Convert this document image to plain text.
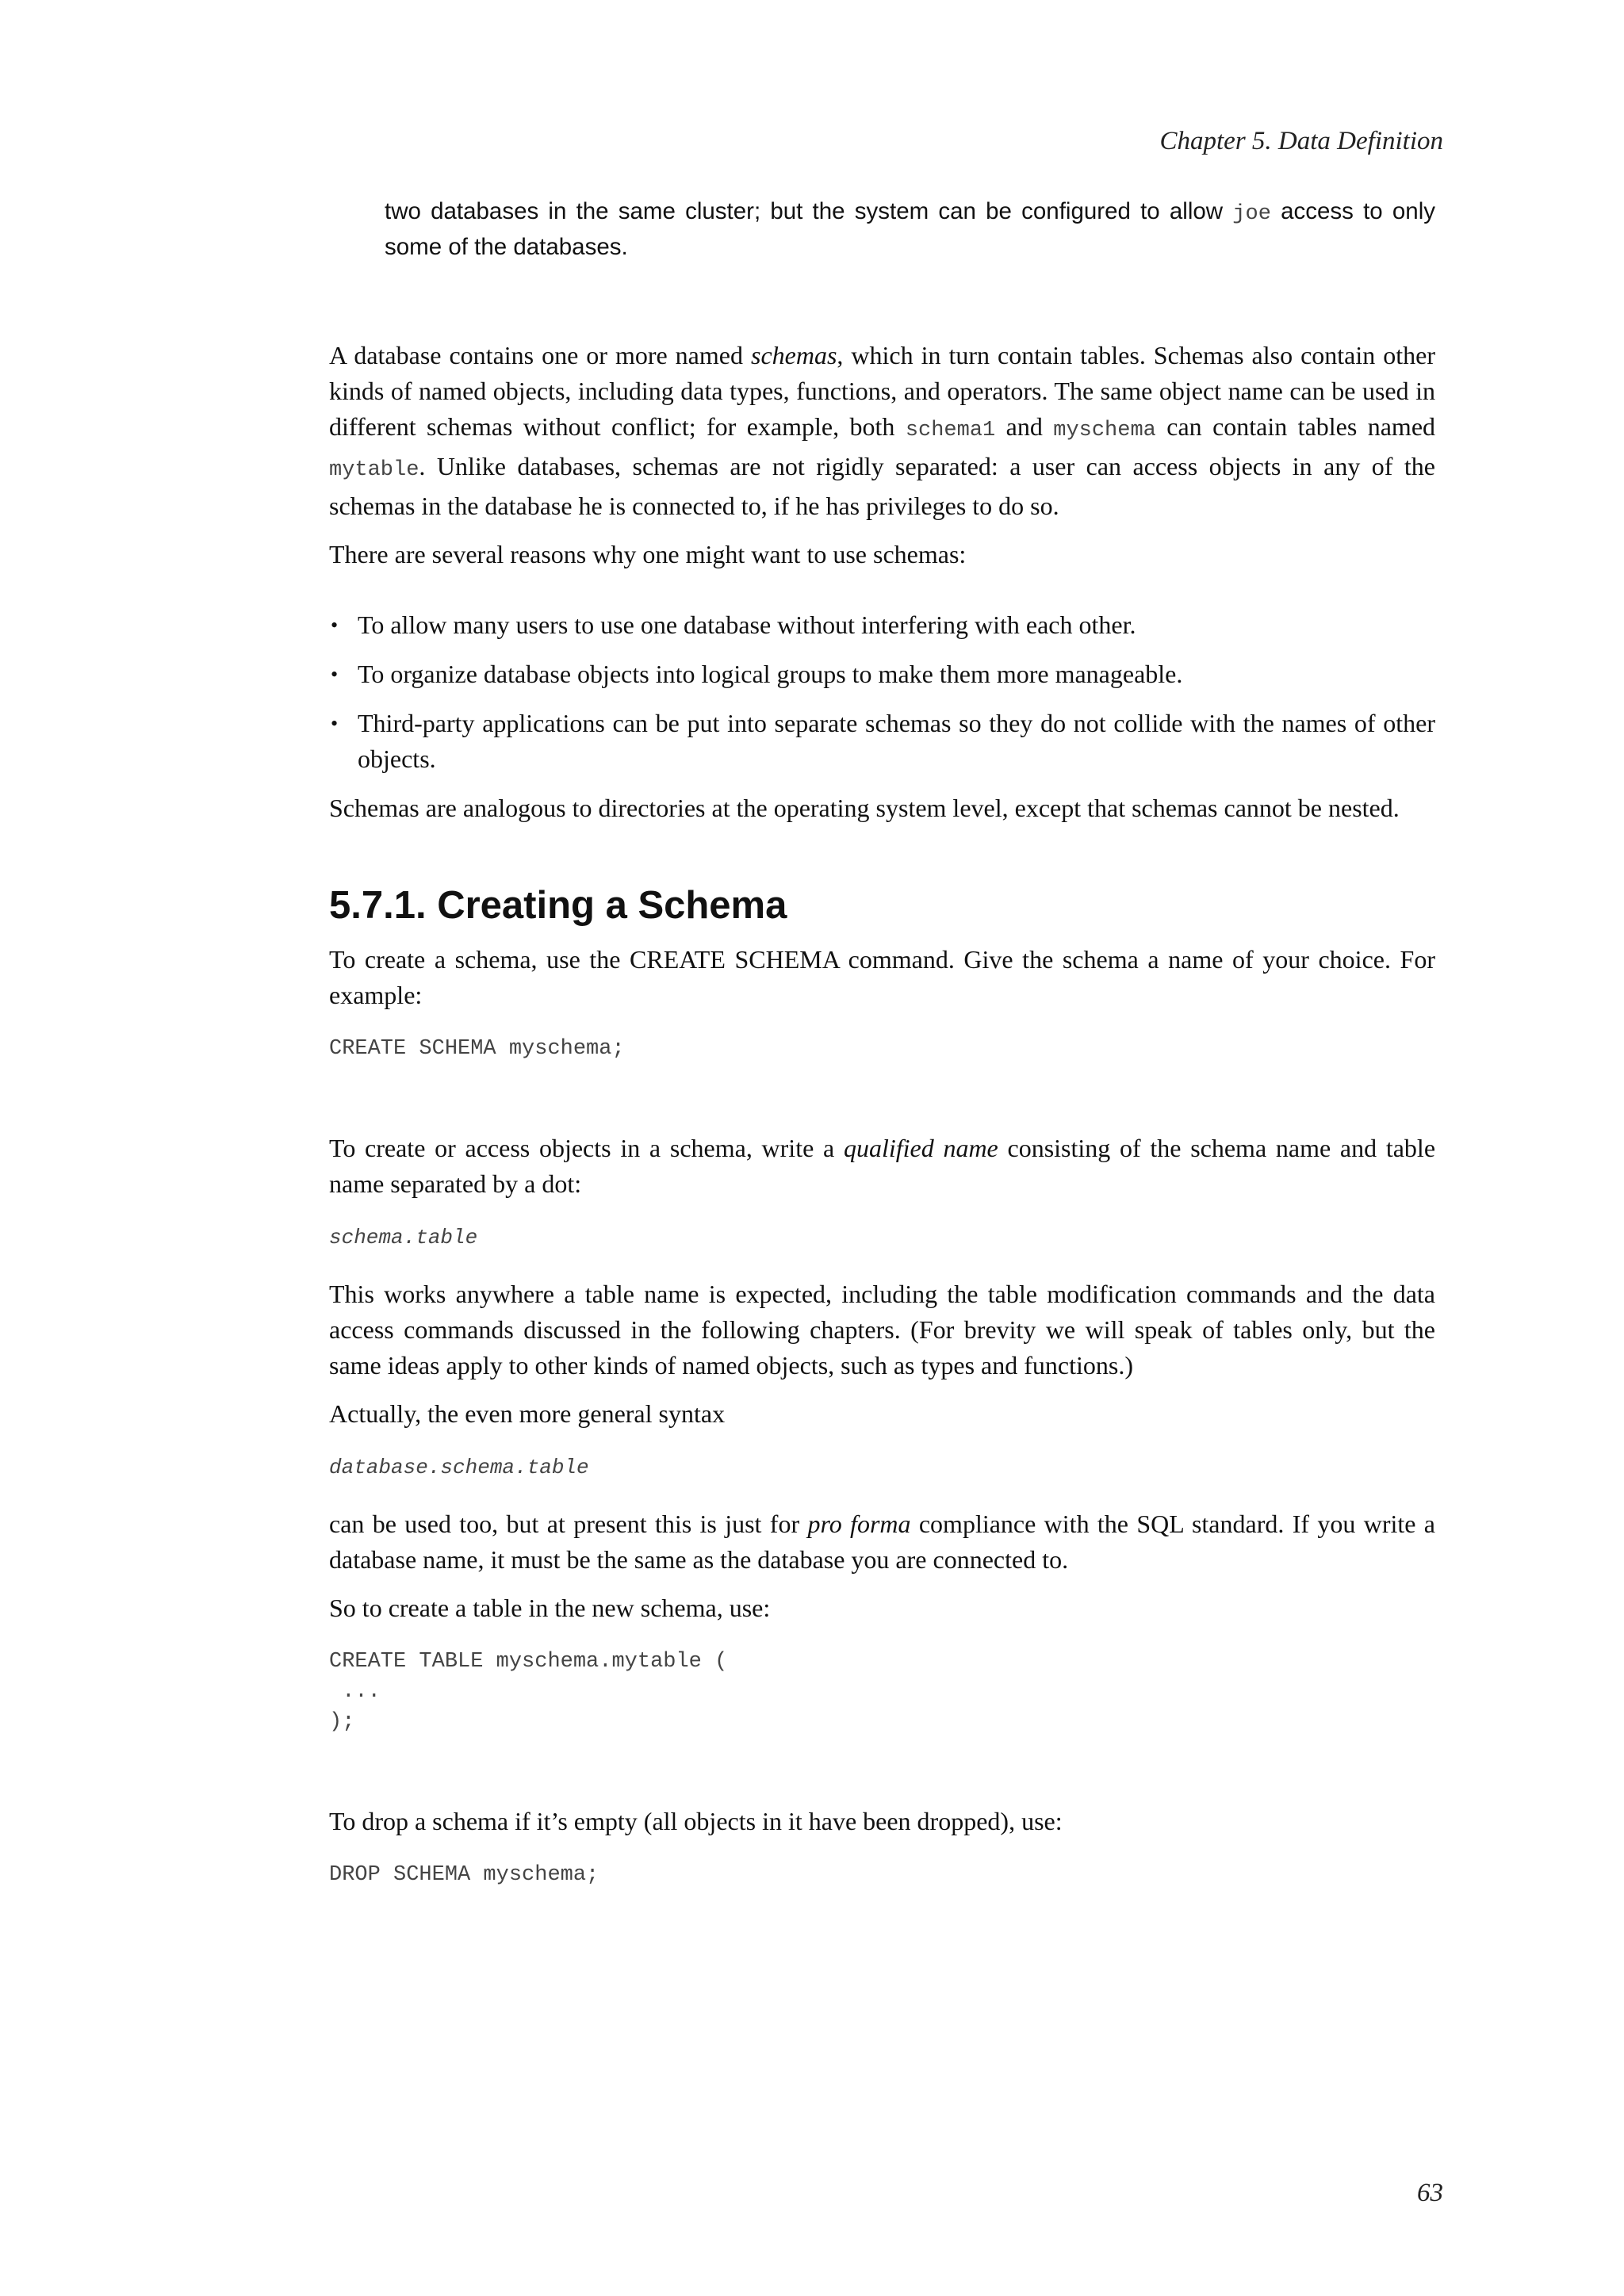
Chapter 5. Data Definition
two databases in the same cluster; but the system can be configured to allow joe access to only some of the databases.

A database contains one or more named schemas, which in turn contain tables. Schemas also contain other kinds of named objects, including data types, functions, and operators. The same object name can be used in different schemas without conflict; for example, both schema1 and myschema can contain tables named mytable. Unlike databases, schemas are not rigidly separated: a user can access objects in any of the schemas in the database he is connected to, if he has privileges to do so.

There are several reasons why one might want to use schemas:

• To allow many users to use one database without interfering with each other.
• To organize database objects into logical groups to make them more manageable.
• Third-party applications can be put into separate schemas so they do not collide with the names of other objects.

Schemas are analogous to directories at the operating system level, except that schemas cannot be nested.

5.7.1. Creating a Schema

To create a schema, use the CREATE SCHEMA command. Give the schema a name of your choice. For example:

CREATE SCHEMA myschema;

To create or access objects in a schema, write a qualified name consisting of the schema name and table name separated by a dot:

schema.table

This works anywhere a table name is expected, including the table modification commands and the data access commands discussed in the following chapters. (For brevity we will speak of tables only, but the same ideas apply to other kinds of named objects, such as types and functions.)

Actually, the even more general syntax

database.schema.table

can be used too, but at present this is just for pro forma compliance with the SQL standard. If you write a database name, it must be the same as the database you are connected to.

So to create a table in the new schema, use:

CREATE TABLE myschema.mytable (
...
);

To drop a schema if it’s empty (all objects in it have been dropped), use:

DROP SCHEMA myschema;
63
